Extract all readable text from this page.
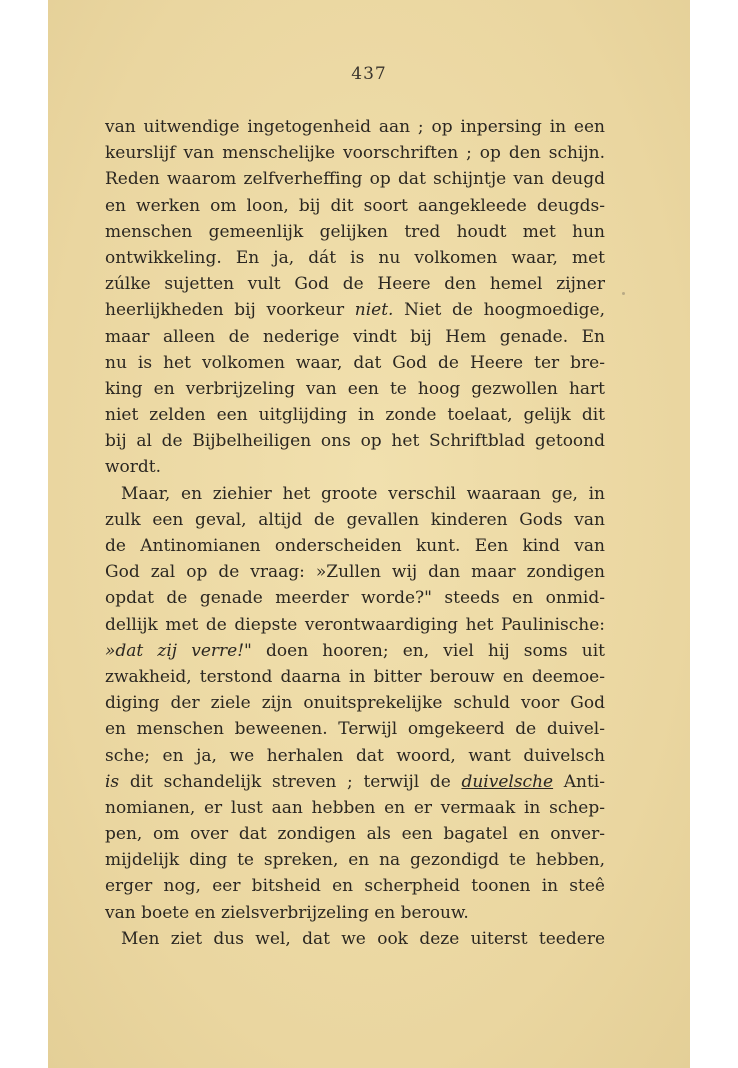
437
van uitwendige ingetogenheid aan ; op inpersing in een
keurslijf van menschelijke voorschriften ; op den schijn.
Reden waarom zelfverheffing op dat schijntje van deugd
en werken om loon, bij dit soort aangekleede deugds-
menschen gemeenlijk gelijken tred houdt met hun
ontwikkeling. En ja, dát is nu volkomen waar, met
zúlke sujetten vult God de Heere den hemel zijner
heerlijkheden bij voorkeur niet. Niet de hoogmoedige,
maar alleen de nederige vindt bij Hem genade. En
nu is het volkomen waar, dat God de Heere ter bre-
king en verbrijzeling van een te hoog gezwollen hart
niet zelden een uitglijding in zonde toelaat, gelijk dit
bij al de Bijbelheiligen ons op het Schriftblad getoond
wordt.
Maar, en ziehier het groote verschil waaraan ge, in
zulk een geval, altijd de gevallen kinderen Gods van
de Antinomianen onderscheiden kunt. Een kind van
God zal op de vraag: »Zullen wij dan maar zondigen
opdat de genade meerder worde?" steeds en onmid-
dellijk met de diepste verontwaardiging het Paulinische:
»dat zij verre!" doen hooren; en, viel hij soms uit
zwakheid, terstond daarna in bitter berouw en deemoe-
diging der ziele zijn onuitsprekelijke schuld voor God
en menschen beweenen. Terwijl omgekeerd de duivel-
sche; en ja, we herhalen dat woord, want duivelsch
is dit schandelijk streven ; terwijl de duivelsche Anti-
nomianen, er lust aan hebben en er vermaak in schep-
pen, om over dat zondigen als een bagatel en onver-
mijdelijk ding te spreken, en na gezondigd te hebben,
erger nog, eer bitsheid en scherpheid toonen in steê
van boete en zielsverbrijzeling en berouw.
Men ziet dus wel, dat we ook deze uiterst teedere
